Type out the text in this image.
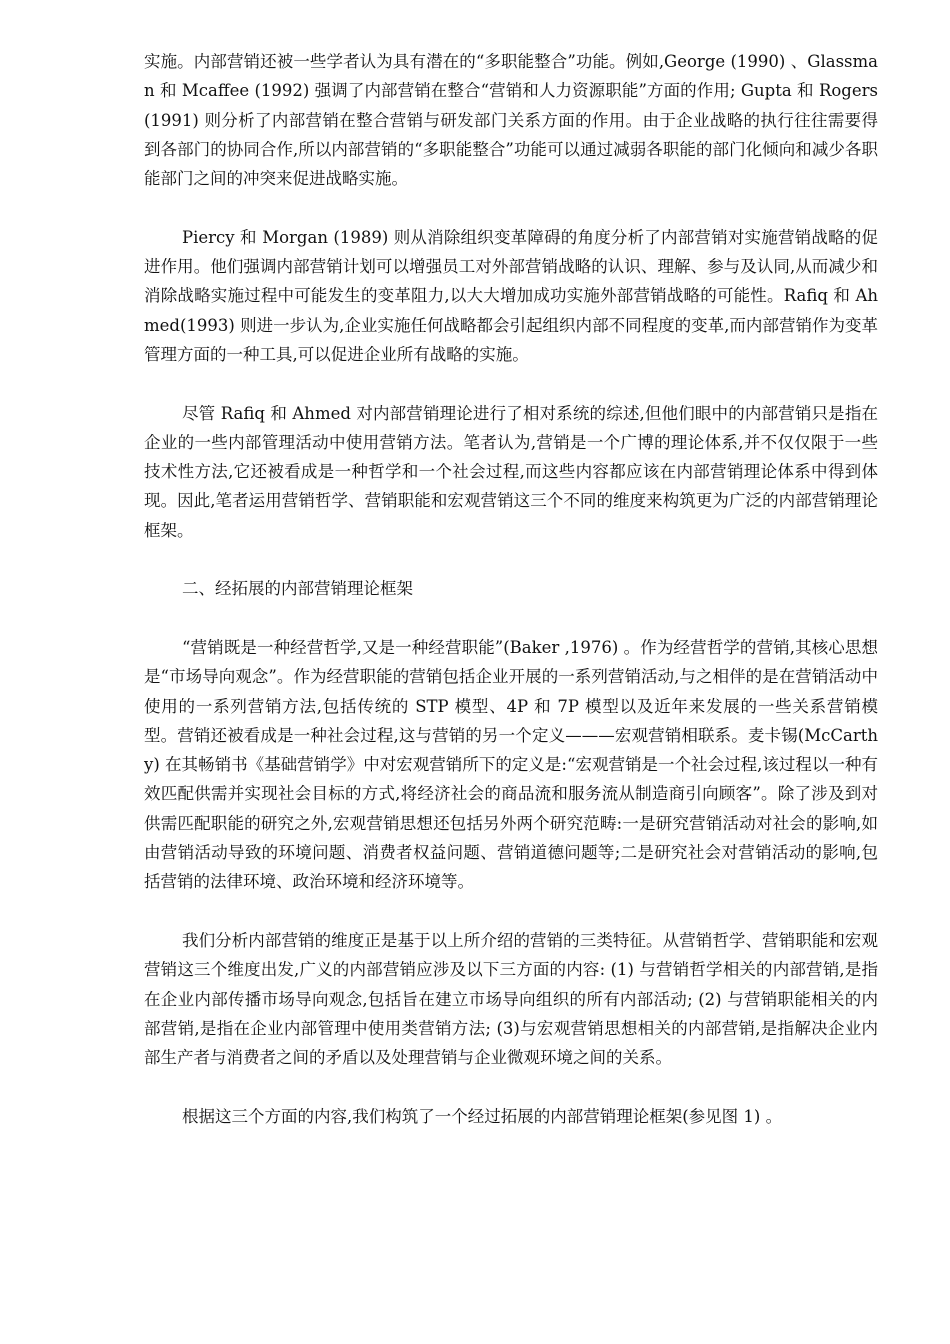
实施。内部营销还被一些学者认为具有潜在的“多职能整合”功能。例如,George (1990) 、Glassman 和 Mcaffee (1992) 强调了内部营销在整合“营销和人力资源职能”方面的作用; Gupta 和 Rogers(1991) 则分析了内部营销在整合营销与研发部门关系方面的作用。由于企业战略的执行往往需要得到各部门的协同合作,所以内部营销的“多职能整合”功能可以通过减弱各职能的部门化倾向和减少各职能部门之间的冲突来促进战略实施。

Piercy 和 Morgan (1989) 则从消除组织变革障碍的角度分析了内部营销对实施营销战略的促进作用。他们强调内部营销计划可以增强员工对外部营销战略的认识、理解、参与及认同,从而减少和消除战略实施过程中可能发生的变革阻力,以大大增加成功实施外部营销战略的可能性。Rafiq 和 Ahmed(1993) 则进一步认为,企业实施任何战略都会引起组织内部不同程度的变革,而内部营销作为变革管理方面的一种工具,可以促进企业所有战略的实施。

尽管 Rafiq 和 Ahmed 对内部营销理论进行了相对系统的综述,但他们眼中的内部营销只是指在企业的一些内部管理活动中使用营销方法。笔者认为,营销是一个广博的理论体系,并不仅仅限于一些技术性方法,它还被看成是一种哲学和一个社会过程,而这些内容都应该在内部营销理论体系中得到体现。因此,笔者运用营销哲学、营销职能和宏观营销这三个不同的维度来构筑更为广泛的内部营销理论框架。

二、经拓展的内部营销理论框架

“营销既是一种经营哲学,又是一种经营职能”(Baker ,1976) 。作为经营哲学的营销,其核心思想是“市场导向观念”。作为经营职能的营销包括企业开展的一系列营销活动,与之相伴的是在营销活动中使用的一系列营销方法,包括传统的 STP 模型、4P 和 7P 模型以及近年来发展的一些关系营销模型。营销还被看成是一种社会过程,这与营销的另一个定义———宏观营销相联系。麦卡锡(McCarthy) 在其畅销书《基础营销学》中对宏观营销所下的定义是:“宏观营销是一个社会过程,该过程以一种有效匹配供需并实现社会目标的方式,将经济社会的商品流和服务流从制造商引向顾客”。除了涉及到对供需匹配职能的研究之外,宏观营销思想还包括另外两个研究范畴:一是研究营销活动对社会的影响,如由营销活动导致的环境问题、消费者权益问题、营销道德问题等;二是研究社会对营销活动的影响,包括营销的法律环境、政治环境和经济环境等。

我们分析内部营销的维度正是基于以上所介绍的营销的三类特征。从营销哲学、营销职能和宏观营销这三个维度出发,广义的内部营销应涉及以下三方面的内容: (1) 与营销哲学相关的内部营销,是指在企业内部传播市场导向观念,包括旨在建立市场导向组织的所有内部活动; (2) 与营销职能相关的内部营销,是指在企业内部管理中使用类营销方法; (3)与宏观营销思想相关的内部营销,是指解决企业内部生产者与消费者之间的矛盾以及处理营销与企业微观环境之间的关系。

根据这三个方面的内容,我们构筑了一个经过拓展的内部营销理论框架(参见图 1) 。
